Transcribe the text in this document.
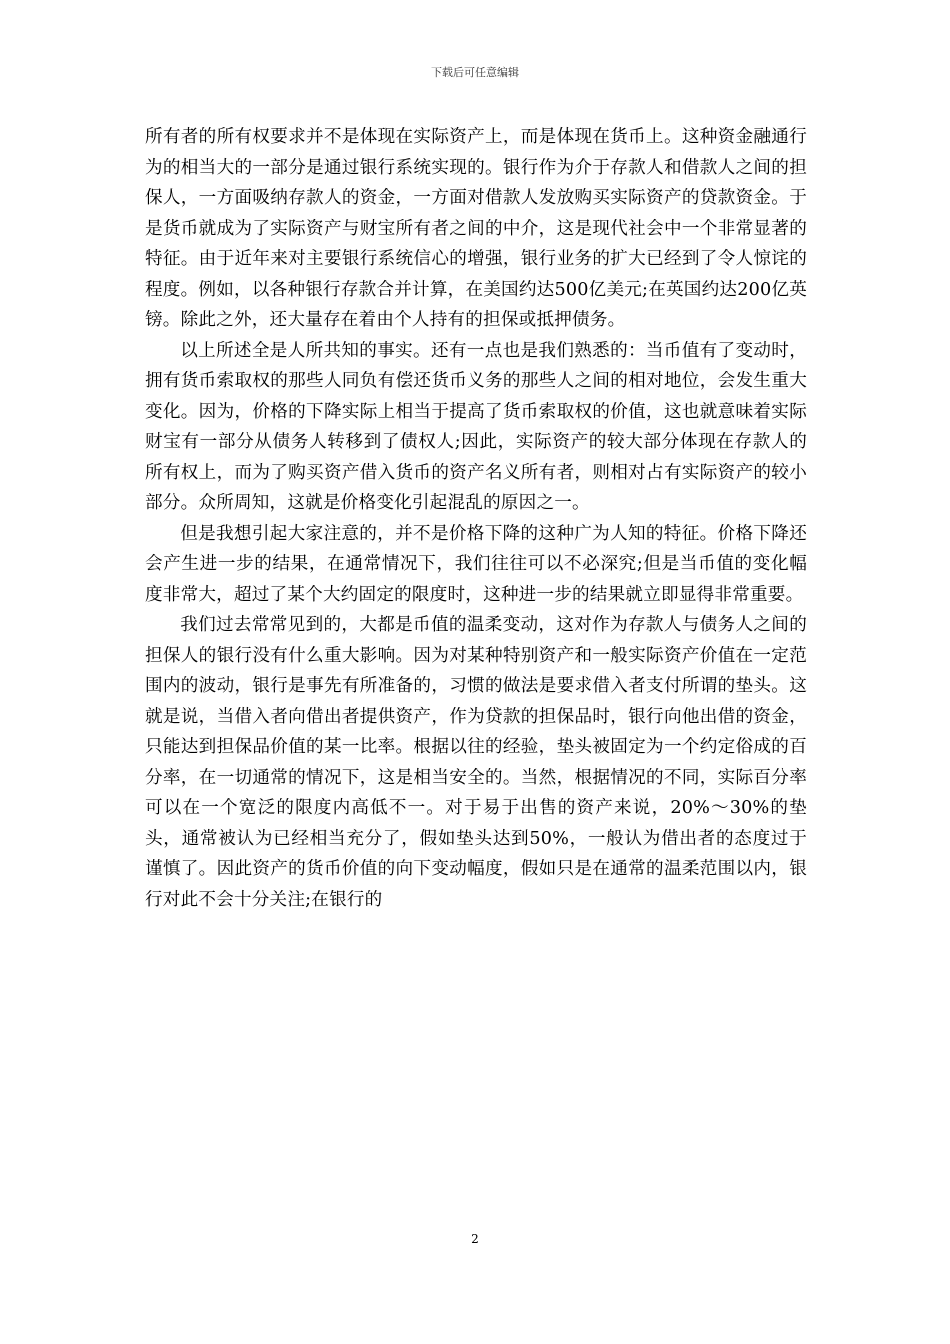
下载后可任意编辑

所有者的所有权要求并不是体现在实际资产上，而是体现在货币上。这种资金融通行为的相当大的一部分是通过银行系统实现的。银行作为介于存款人和借款人之间的担保人，一方面吸纳存款人的资金，一方面对借款人发放购买实际资产的贷款资金。于是货币就成为了实际资产与财宝所有者之间的中介，这是现代社会中一个非常显著的特征。由于近年来对主要银行系统信心的增强，银行业务的扩大已经到了令人惊诧的程度。例如，以各种银行存款合并计算，在美国约达500亿美元;在英国约达200亿英镑。除此之外，还大量存在着由个人持有的担保或抵押债务。

以上所述全是人所共知的事实。还有一点也是我们熟悉的：当币值有了变动时，拥有货币索取权的那些人同负有偿还货币义务的那些人之间的相对地位，会发生重大变化。因为，价格的下降实际上相当于提高了货币索取权的价值，这也就意味着实际财宝有一部分从债务人转移到了债权人;因此，实际资产的较大部分体现在存款人的所有权上，而为了购买资产借入货币的资产名义所有者，则相对占有实际资产的较小部分。众所周知，这就是价格变化引起混乱的原因之一。

但是我想引起大家注意的，并不是价格下降的这种广为人知的特征。价格下降还会产生进一步的结果，在通常情况下，我们往往可以不必深究;但是当币值的变化幅度非常大，超过了某个大约固定的限度时，这种进一步的结果就立即显得非常重要。

我们过去常常见到的，大都是币值的温柔变动，这对作为存款人与债务人之间的担保人的银行没有什么重大影响。因为对某种特别资产和一般实际资产价值在一定范围内的波动，银行是事先有所准备的，习惯的做法是要求借入者支付所谓的垫头。这就是说，当借入者向借出者提供资产，作为贷款的担保品时，银行向他出借的资金，只能达到担保品价值的某一比率。根据以往的经验，垫头被固定为一个约定俗成的百分率，在一切通常的情况下，这是相当安全的。当然，根据情况的不同，实际百分率可以在一个宽泛的限度内高低不一。对于易于出售的资产来说，20%～30%的垫头，通常被认为已经相当充分了，假如垫头达到50%，一般认为借出者的态度过于谨慎了。因此资产的货币价值的向下变动幅度，假如只是在通常的温柔范围以内，银行对此不会十分关注;在银行的

2
